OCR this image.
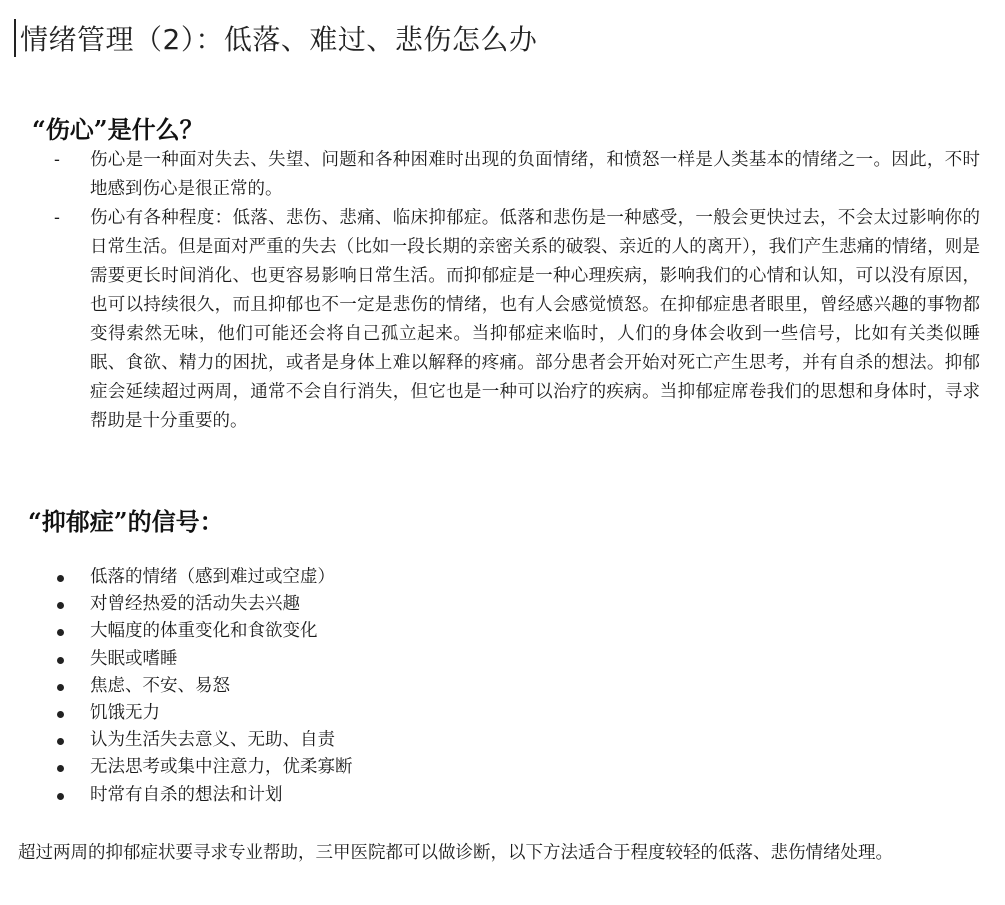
情绪管理（2）：低落、难过、悲伤怎么办
“伤心”是什么？
- 伤心是一种面对失去、失望、问题和各种困难时出现的负面情绪，和愤怒一样是人类基本的情绪之一。因此，不时地感到伤心是很正常的。
- 伤心有各种程度：低落、悲伤、悲痛、临床抑郁症。低落和悲伤是一种感受，一般会更快过去，不会太过影响你的日常生活。但是面对严重的失去（比如一段长期的亲密关系的破裂、亲近的人的离开），我们产生悲痛的情绪，则是需要更长时间消化、也更容易影响日常生活。而抑郁症是一种心理疾病，影响我们的心情和认知，可以没有原因，也可以持续很久，而且抑郁也不一定是悲伤的情绪，也有人会感觉愤怒。在抑郁症患者眼里，曾经感兴趣的事物都变得索然无味，他们可能还会将自己孤立起来。当抑郁症来临时，人们的身体会收到一些信号，比如有关类似睡眠、食欲、精力的困扰，或者是身体上难以解释的疼痛。部分患者会开始对死亡产生思考，并有自杀的想法。抑郁症会延续超过两周，通常不会自行消失，但它也是一种可以治疗的疾病。当抑郁症席卷我们的思想和身体时，寻求帮助是十分重要的。
“抑郁症”的信号：
低落的情绪（感到难过或空虚）
对曾经热爱的活动失去兴趣
大幅度的体重变化和食欲变化
失眠或嗜睡
焦虑、不安、易怒
饥饿无力
认为生活失去意义、无助、自责
无法思考或集中注意力，优柔寡断
时常有自杀的想法和计划

超过两周的抑郁症状要寻求专业帮助，三甲医院都可以做诊断，以下方法适合于程度较轻的低落、悲伤情绪处理。
